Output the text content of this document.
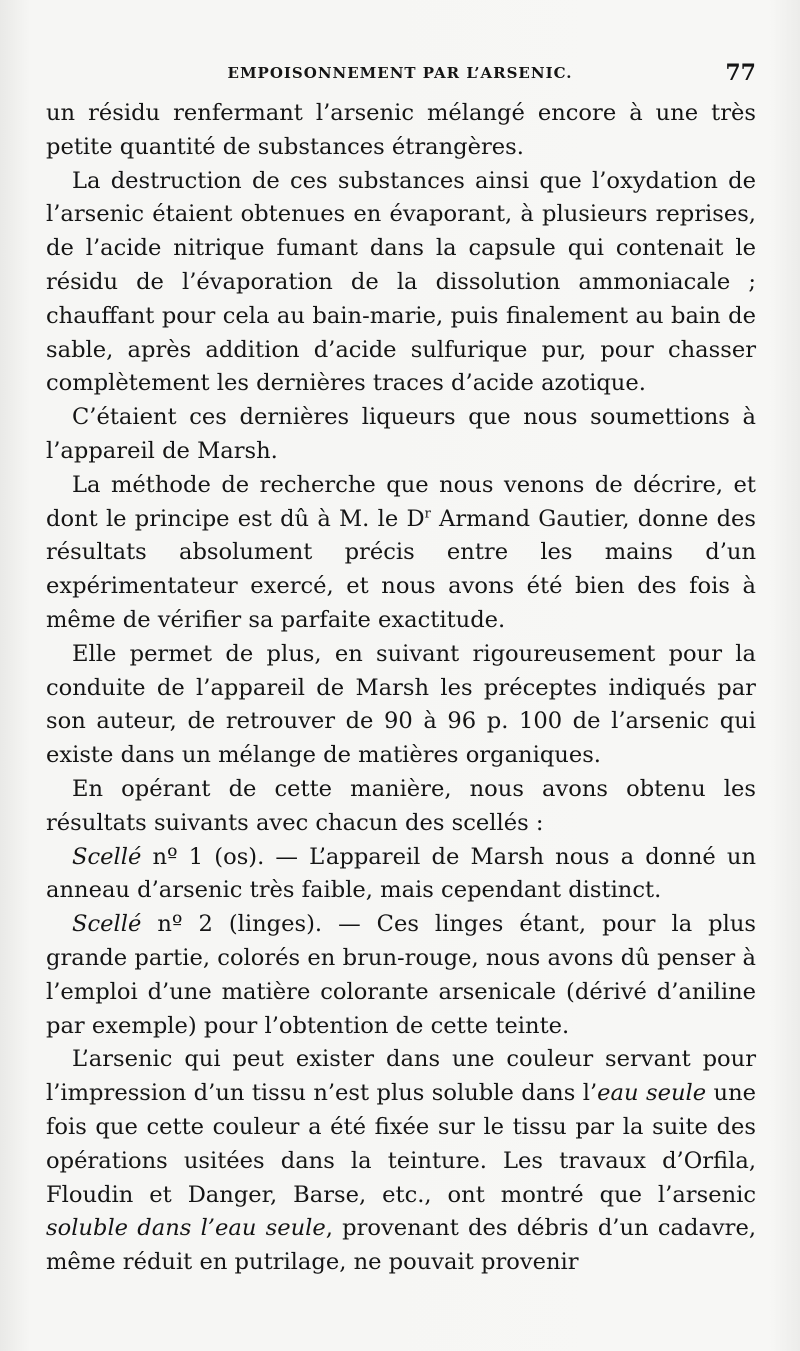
EMPOISONNEMENT PAR L’ARSENIC.	77

un résidu renfermant l’arsenic mélangé encore à une très petite quantité de substances étrangères.

La destruction de ces substances ainsi que l’oxydation de l’arsenic étaient obtenues en évaporant, à plusieurs reprises, de l’acide nitrique fumant dans la capsule qui contenait le résidu de l’évaporation de la dissolution ammoniacale ; chauffant pour cela au bain-marie, puis finalement au bain de sable, après addition d’acide sulfurique pur, pour chasser complètement les dernières traces d’acide azotique.

C’étaient ces dernières liqueurs que nous soumettions à l’appareil de Marsh.

La méthode de recherche que nous venons de décrire, et dont le principe est dû à M. le $D^r$ Armand Gautier, donne des résultats absolument précis entre les mains d’un expérimentateur exercé, et nous avons été bien des fois à même de vérifier sa parfaite exactitude.

Elle permet de plus, en suivant rigoureusement pour la conduite de l’appareil de Marsh les préceptes indiqués par son auteur, de retrouver de 90 à 96 p. 100 de l’arsenic qui existe dans un mélange de matières organiques.

En opérant de cette manière, nous avons obtenu les résultats suivants avec chacun des scellés :

Scellé nº 1 (os). — L’appareil de Marsh nous a donné un anneau d’arsenic très faible, mais cependant distinct.

Scellé nº 2 (linges). — Ces linges étant, pour la plus grande partie, colorés en brun-rouge, nous avons dû penser à l’emploi d’une matière colorante arsenicale (dérivé d’aniline par exemple) pour l’obtention de cette teinte.

L’arsenic qui peut exister dans une couleur servant pour l’impression d’un tissu n’est plus soluble dans l’eau seule une fois que cette couleur a été fixée sur le tissu par la suite des opérations usitées dans la teinture. Les travaux d’Orfila, Floudin et Danger, Barse, etc., ont montré que l’arsenic soluble dans l’eau seule, provenant des débris d’un cadavre, même réduit en putrilage, ne pouvait provenir
